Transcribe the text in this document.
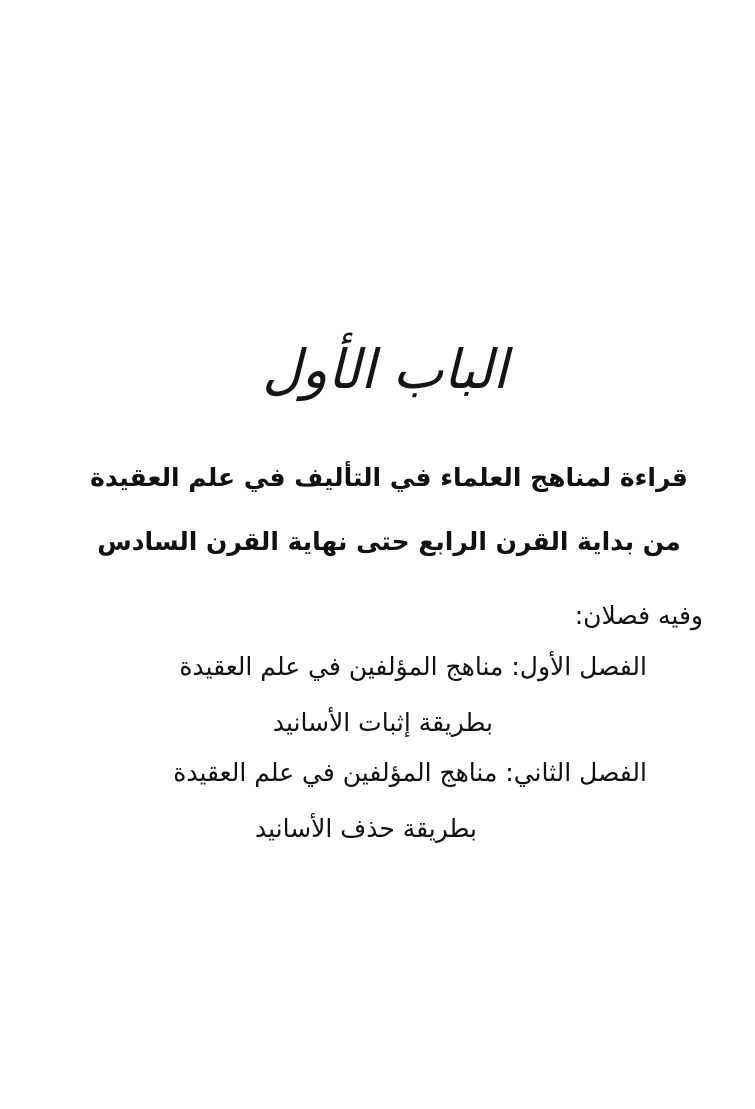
الباب الأول
قراءة لمناهج العلماء في التأليف في علم العقيدة
من بداية القرن الرابع حتى نهاية القرن السادس
وفيه فصلان:
الفصل الأول: مناهج المؤلفين في علم العقيدة
بطريقة إثبات الأسانيد
الفصل الثاني: مناهج المؤلفين في علم العقيدة
بطريقة حذف الأسانيد
